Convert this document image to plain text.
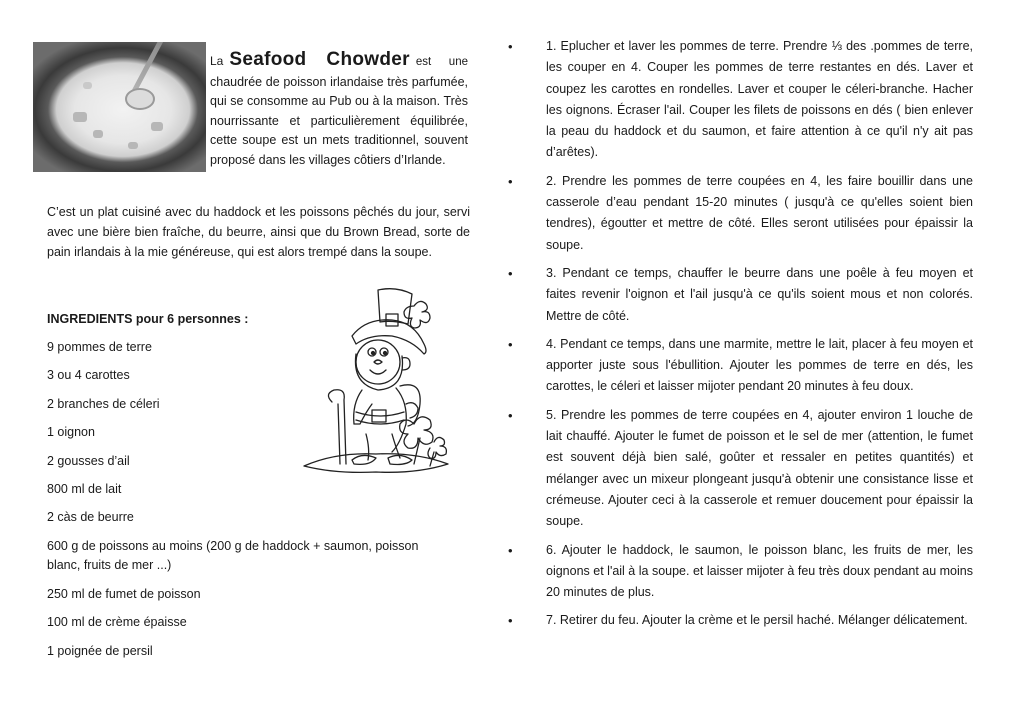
La Seafood Chowder est une chaudrée de poisson irlandaise très parfumée, qui se consomme au Pub ou à la maison. Très nourrissante et particulièrement équilibrée, cette soupe est un mets traditionnel, souvent proposé dans les villages côtiers d’Irlande.
C’est un plat cuisiné avec du haddock et les poissons pêchés du jour, servi avec une bière bien fraîche, du beurre, ainsi que du Brown Bread, sorte de pain irlandais à la mie généreuse, qui est alors trempé dans la soupe.
INGREDIENTS pour 6 personnes :
9 pommes de terre
3 ou 4 carottes
2 branches de céleri
1 oignon
2 gousses d’ail
800 ml de lait
2 càs de beurre
600 g de poissons au moins (200 g de haddock + saumon, poisson blanc, fruits de mer ...)
250 ml de fumet de poisson
100 ml de crème épaisse
1 poignée de persil
•	1. Eplucher et laver les pommes de terre. Prendre ⅓ des .pommes de terre, les couper en 4. Couper les pommes de terre restantes en dés. Laver et coupez les carottes en rondelles. Laver et couper le céleri-branche. Hacher les oignons. Écraser l'ail. Couper les filets de poissons en dés ( bien enlever la peau du haddock et du saumon, et faire attention à ce qu'il n'y ait pas d’arêtes).
•	2. Prendre les pommes de terre coupées en 4, les faire bouillir dans une casserole d’eau pendant 15-20 minutes ( jusqu'à ce qu'elles soient bien tendres), égoutter et mettre de côté. Elles seront utilisées pour épaissir la soupe.
•	3. Pendant ce temps, chauffer le beurre dans une poêle à feu moyen et faites revenir l'oignon et l'ail jusqu'à ce qu'ils soient mous et non colorés. Mettre de côté.
•	4. Pendant ce temps, dans une marmite, mettre le lait, placer à feu moyen et apporter juste sous l'ébullition. Ajouter les pommes de terre en dés, les carottes, le céleri et laisser mijoter pendant 20 minutes à feu doux.
•	5. Prendre les pommes de terre coupées en 4, ajouter environ 1 louche de lait chauffé. Ajouter le fumet de poisson et le sel de mer (attention, le fumet est souvent déjà bien salé, goûter et ressaler en petites quantités) et mélanger avec un mixeur plongeant jusqu'à obtenir une consistance lisse et crémeuse. Ajouter ceci à la casserole et remuer doucement pour épaissir la soupe.
•	6. Ajouter le haddock, le saumon, le poisson blanc, les fruits de mer, les oignons et l'ail à la soupe. et laisser mijoter à feu très doux pendant au moins 20 minutes de plus.
•	7. Retirer du feu. Ajouter la crème et le persil haché. Mélanger délicatement.
